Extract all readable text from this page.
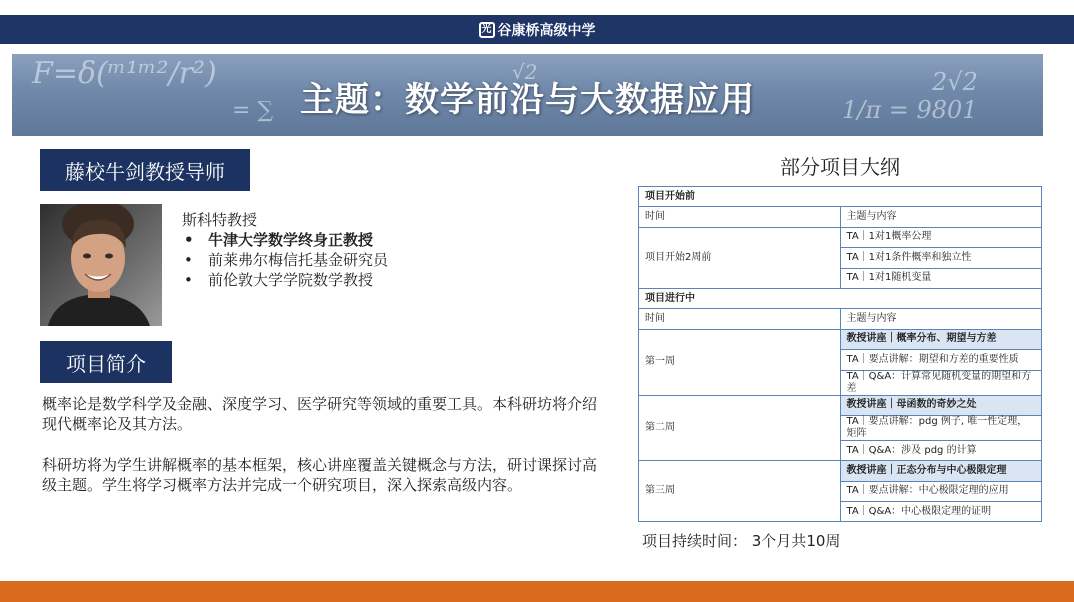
光 谷康桥高级中学
F=δ(ᵐ¹ᵐ²/r²)	√2	2√2
1/π = 9801
= ∑ 主题：数学前沿与大数据应用
藤校牛剑教授导师
斯科特教授
• 牛津大学数学终身正教授
• 前莱弗尔梅信托基金研究员
• 前伦敦大学学院数学教授
项目简介

概率论是数学科学及金融、深度学习、医学研究等领域的重要工具。本科研坊将介绍现代概率论及其方法。

科研坊将为学生讲解概率的基本框架，核心讲座覆盖关键概念与方法，研讨课探讨高级主题。学生将学习概率方法并完成一个研究项目，深入探索高级内容。

部分项目大纲
项目开始前	
时间	主题与内容
项目开始2周前	TA｜1对1概率公理
	TA｜1对1条件概率和独立性
	TA｜1对1随机变量
项目进行中	
时间	主题与内容
第一周	教授讲座｜概率分布、期望与方差
	TA｜要点讲解：期望和方差的重要性质
	TA｜Q&A：计算常见随机变量的期望和方差
第二周	教授讲座｜母函数的奇妙之处
	TA｜要点讲解：pdg 例子, 唯一性定理，矩阵
	TA｜Q&A：涉及 pdg 的计算
第三周	教授讲座｜正态分布与中心极限定理
	TA｜要点讲解：中心极限定理的应用
	TA｜Q&A：中心极限定理的证明
项目持续时间： 3个月共10周
